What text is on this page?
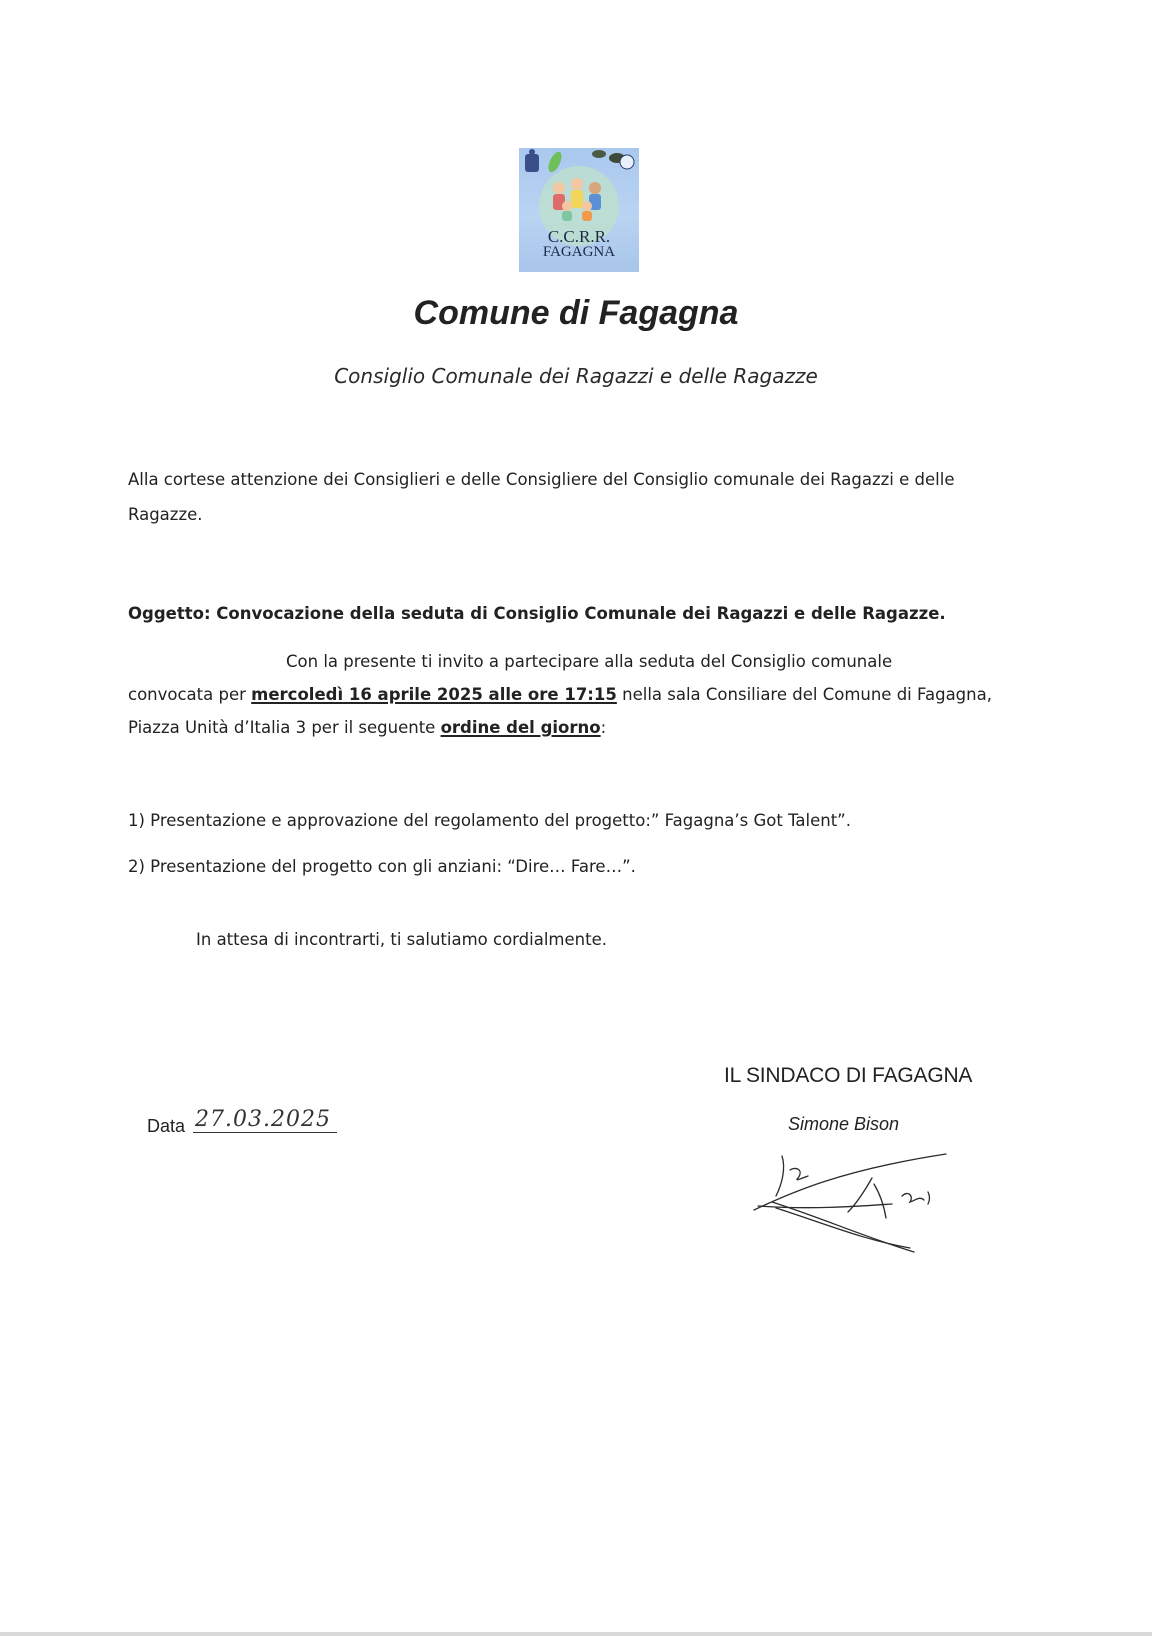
C.C.R.R.
FAGAGNA
Comune di Fagagna
Consiglio Comunale dei Ragazzi e delle Ragazze
Alla cortese attenzione dei Consiglieri e delle Consigliere del Consiglio comunale dei Ragazzi e delle
Ragazze.
Oggetto: Convocazione della seduta di Consiglio Comunale dei Ragazzi e delle Ragazze.
Con la presente ti invito a partecipare alla seduta del Consiglio comunale
convocata per mercoledì 16 aprile 2025 alle ore 17:15 nella sala Consiliare del Comune di Fagagna,
Piazza Unità d’Italia 3 per il seguente ordine del giorno:
1) Presentazione e approvazione del regolamento del progetto:” Fagagna’s Got Talent”.
2) Presentazione del progetto con gli anziani: “Dire… Fare…”.
In attesa di incontrarti, ti salutiamo cordialmente.
IL SINDACO DI FAGAGNA
Simone Bison
Data 27.03.2025
